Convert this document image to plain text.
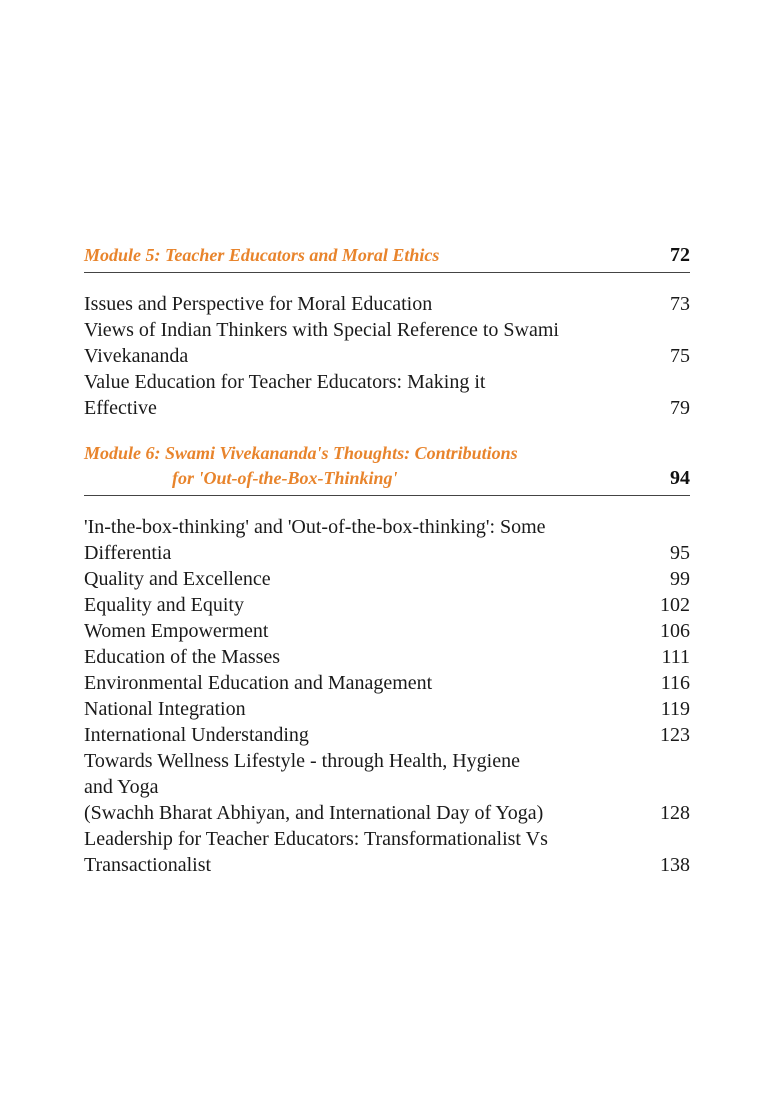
Module 5: Teacher Educators and Moral Ethics	72
Issues and Perspective for Moral Education	73
Views of Indian Thinkers with Special Reference to Swami
Vivekananda	75
Value Education for Teacher Educators: Making it
Effective	79
Module 6: Swami Vivekananda's Thoughts: Contributions
for 'Out-of-the-Box-Thinking'	94
'In-the-box-thinking' and 'Out-of-the-box-thinking': Some
Differentia	95
Quality and Excellence	99
Equality and Equity	102
Women Empowerment	106
Education of the Masses	111
Environmental Education and Management	116
National Integration	119
International Understanding	123
Towards Wellness Lifestyle - through Health, Hygiene
and Yoga
(Swachh Bharat Abhiyan, and International Day of Yoga)	128
Leadership for Teacher Educators: Transformationalist Vs
Transactionalist	138
